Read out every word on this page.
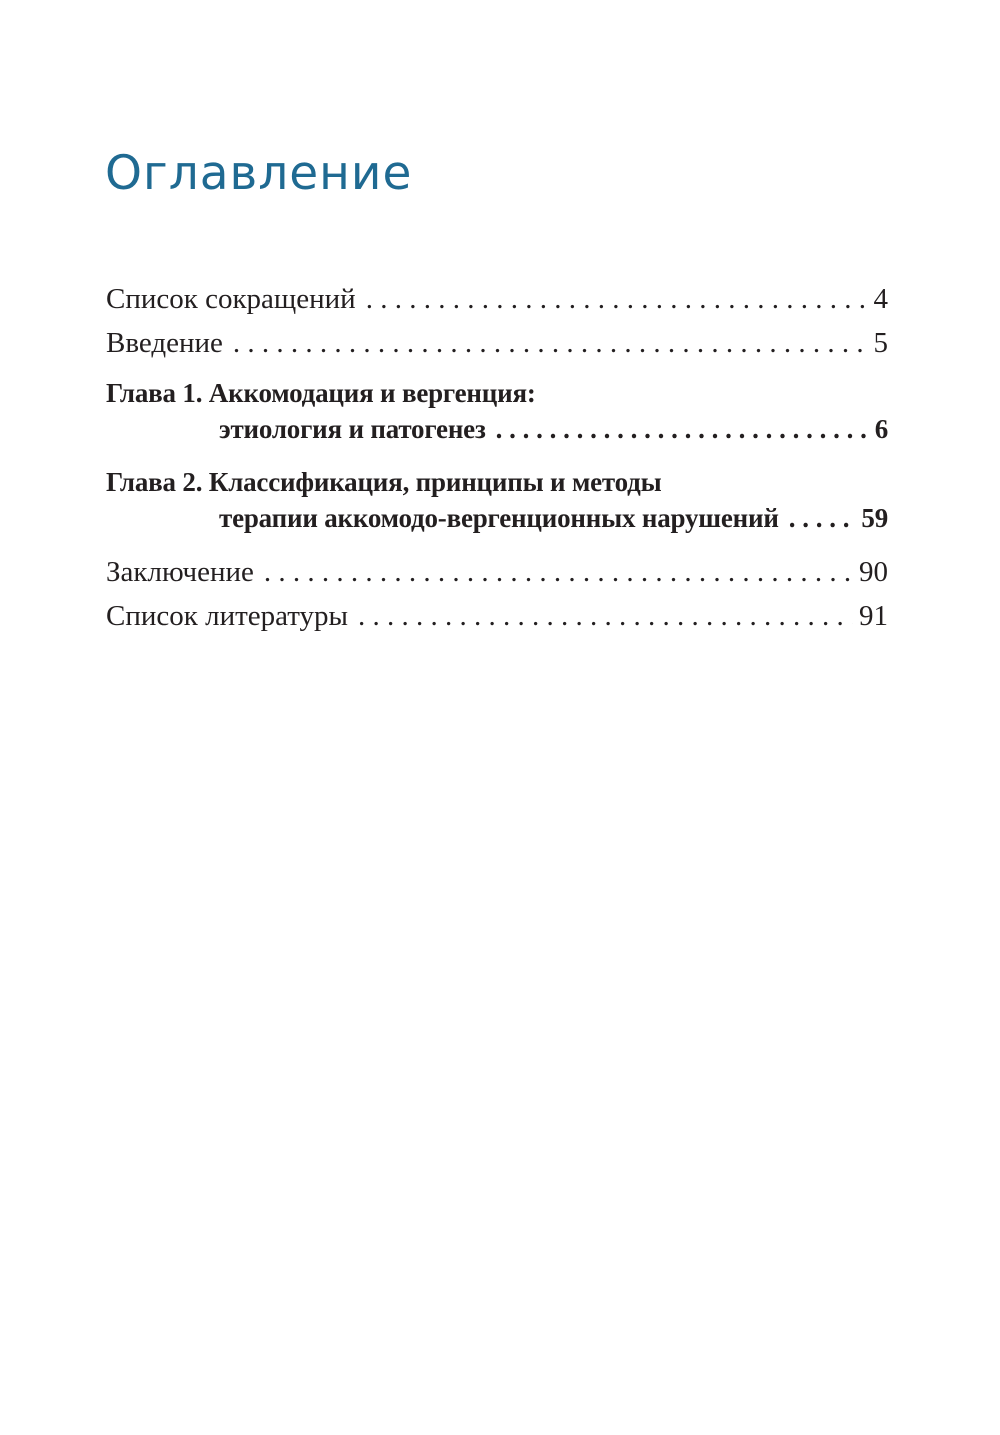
Оглавление
Список сокращений . . .	4
Введение . . .	5
Глава 1. Аккомодация и вергенция:
этиология и патогенез . . .	6
Глава 2. Классификация, принципы и методы
терапии аккомодо-вергенционных нарушений . . .	59
Заключение . . .	90
Список литературы . . .	91
